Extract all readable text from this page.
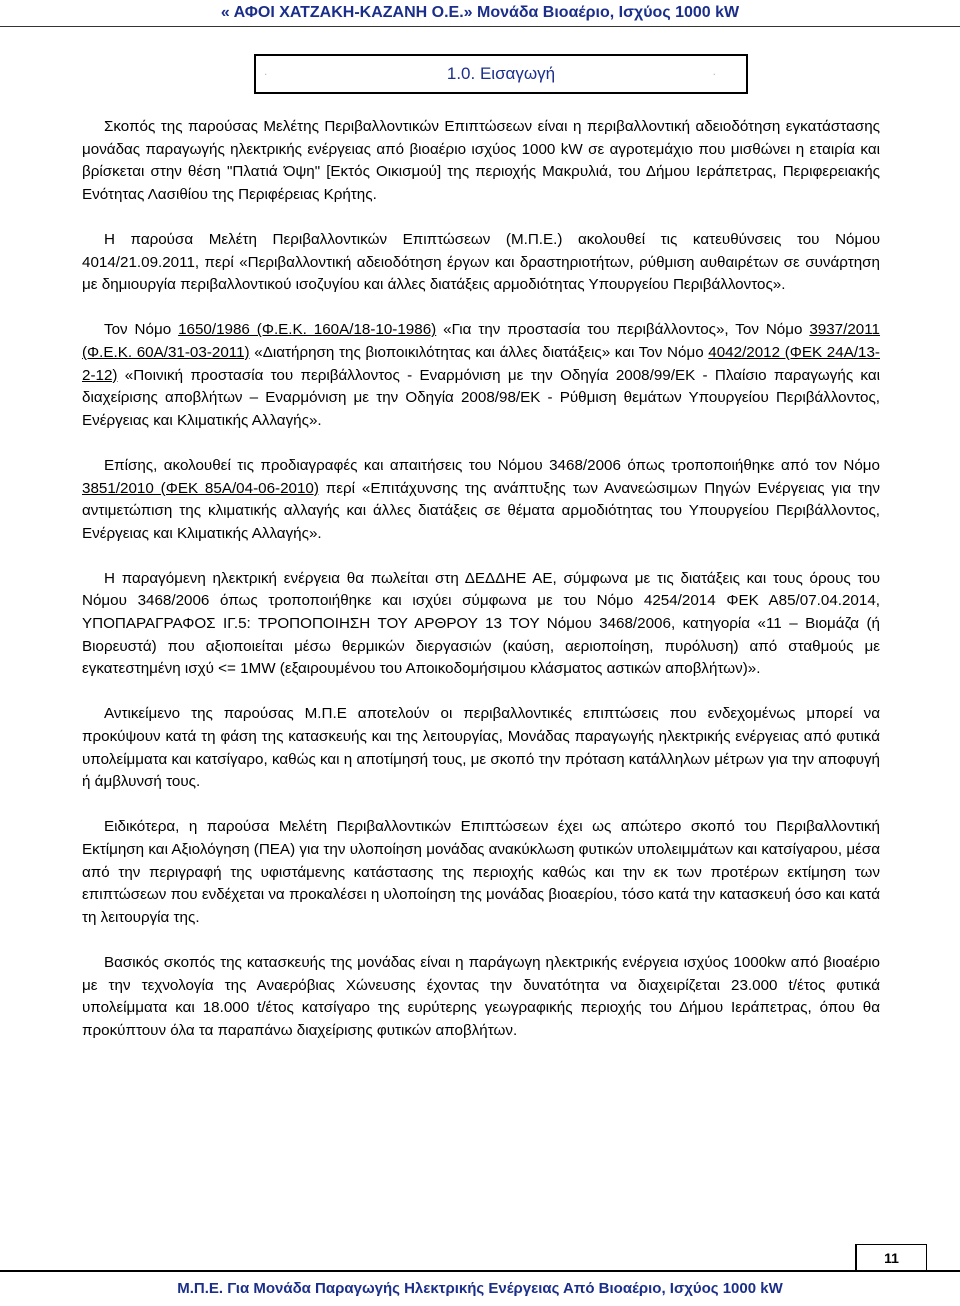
« ΑΦΟΙ ΧΑΤΖΑΚΗ-ΚΑΖΑΝΗ Ο.Ε.» Μονάδα Βιοαέριο, Ισχύος 1000 kW
.	1.0. Εισαγωγή	.

Σκοπός της παρούσας Μελέτης Περιβαλλοντικών Επιπτώσεων είναι η περιβαλλοντική αδειοδότηση εγκατάστασης μονάδας παραγωγής ηλεκτρικής ενέργειας από βιοαέριο ισχύος 1000 kW σε αγροτεμάχιο που μισθώνει η εταιρία και βρίσκεται στην θέση "Πλατιά Όψη" [Εκτός Οικισμού] της περιοχής Μακρυλιά, του Δήμου Ιεράπετρας, Περιφερειακής Ενότητας Λασιθίου της Περιφέρειας Κρήτης.

Η παρούσα Μελέτη Περιβαλλοντικών Επιπτώσεων (Μ.Π.Ε.) ακολουθεί τις κατευθύνσεις του Νόμου 4014/21.09.2011, περί «Περιβαλλοντική αδειοδότηση έργων και δραστηριοτήτων, ρύθμιση αυθαιρέτων σε συνάρτηση με δημιουργία περιβαλλοντικού ισοζυγίου και άλλες διατάξεις αρμοδιότητας Υπουργείου Περιβάλλοντος».

Τον Νόμο 1650/1986 (Φ.Ε.Κ. 160Α/18-10-1986) «Για την προστασία του περιβάλλοντος», Τον Νόμο 3937/2011 (Φ.Ε.Κ. 60Α/31-03-2011) «Διατήρηση της βιοποικιλότητας και άλλες διατάξεις» και Τον Νόμο 4042/2012 (ΦΕΚ 24Α/13-2-12) «Ποινική προστασία του περιβάλλοντος - Εναρμόνιση με την Οδηγία 2008/99/ΕΚ - Πλαίσιο παραγωγής και διαχείρισης αποβλήτων – Εναρμόνιση με την Οδηγία 2008/98/ΕΚ - Ρύθμιση θεμάτων Υπουργείου Περιβάλλοντος, Ενέργειας και Κλιματικής Αλλαγής».

Επίσης, ακολουθεί τις προδιαγραφές και απαιτήσεις του Νόμου 3468/2006 όπως τροποποιήθηκε από τον Νόμο 3851/2010 (ΦΕΚ 85Α/04-06-2010) περί «Επιτάχυνσης της ανάπτυξης των Ανανεώσιμων Πηγών Ενέργειας για την αντιμετώπιση της κλιματικής αλλαγής και άλλες διατάξεις σε θέματα αρμοδιότητας του Υπουργείου Περιβάλλοντος, Ενέργειας και Κλιματικής Αλλαγής».

Η παραγόμενη ηλεκτρική ενέργεια θα πωλείται στη ΔΕΔΔΗΕ ΑΕ, σύμφωνα με τις διατάξεις και τους όρους του Νόμου 3468/2006 όπως τροποποιήθηκε και ισχύει σύμφωνα με του Νόμο 4254/2014 ΦΕΚ Α85/07.04.2014, ΥΠΟΠΑΡΑΓΡΑΦΟΣ ΙΓ.5: ΤΡΟΠΟΠΟΙΗΣΗ ΤΟΥ ΑΡΘΡΟΥ 13 ΤΟΥ Νόμου 3468/2006, κατηγορία «11 – Βιομάζα (ή Βιορευστά) που αξιοποιείται μέσω θερμικών διεργασιών (καύση, αεριοποίηση, πυρόλυση) από σταθμούς με εγκατεστημένη ισχύ <= 1MW (εξαιρουμένου του Αποικοδομήσιμου κλάσματος αστικών αποβλήτων)».

Αντικείμενο της παρούσας Μ.Π.Ε αποτελούν οι περιβαλλοντικές επιπτώσεις που ενδεχομένως μπορεί να προκύψουν κατά τη φάση της κατασκευής και της λειτουργίας, Μονάδας παραγωγής ηλεκτρικής ενέργειας από φυτικά υπολείμματα και κατσίγαρο, καθώς και η αποτίμησή τους, με σκοπό την πρόταση κατάλληλων μέτρων για την αποφυγή ή άμβλυνσή τους.

Ειδικότερα, η παρούσα Μελέτη Περιβαλλοντικών Επιπτώσεων έχει ως απώτερο σκοπό του Περιβαλλοντική Εκτίμηση και Αξιολόγηση (ΠΕΑ) για την υλοποίηση μονάδας ανακύκλωση φυτικών υπολειμμάτων και κατσίγαρου, μέσα από την περιγραφή της υφιστάμενης κατάστασης της περιοχής καθώς και την εκ των προτέρων εκτίμηση των επιπτώσεων που ενδέχεται να προκαλέσει η υλοποίηση της μονάδας βιοαερίου, τόσο κατά την κατασκευή όσο και κατά τη λειτουργία της.

Βασικός σκοπός της κατασκευής της μονάδας είναι η παράγωγη ηλεκτρικής ενέργεια ισχύος 1000kw από βιοαέριο με την τεχνολογία της Αναερόβιας Χώνευσης έχοντας την δυνατότητα να διαχειρίζεται 23.000 t/έτος φυτικά υπολείμματα και 18.000 t/έτος κατσίγαρο της ευρύτερης γεωγραφικής περιοχής του Δήμου Ιεράπετρας, όπου θα προκύπτουν όλα τα παραπάνω διαχείρισης φυτικών αποβλήτων.

11
Μ.Π.Ε. Για Μονάδα Παραγωγής Ηλεκτρικής Ενέργειας Από Βιοαέριο, Ισχύος 1000 kW
